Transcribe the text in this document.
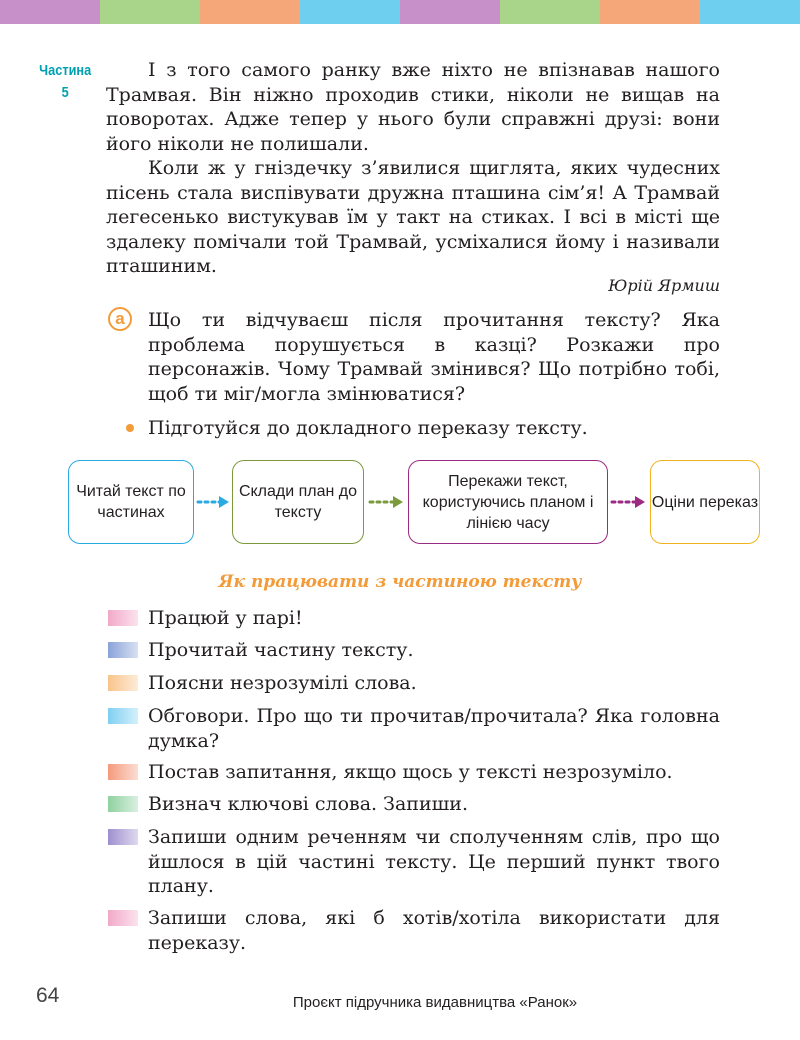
Частина
5

І з того самого ранку вже ніхто не впізнавав нашого Трамвая. Він ніжно проходив стики, ніколи не вищав на поворотах. Адже тепер у нього були справжні друзі: вони його ніколи не полишали.

Коли ж у гніздечку з’явилися щиглята, яких чудесних пісень стала виспівувати дружна пташина сім’я! А Трамвай легесенько вистукував їм у такт на стиках. І всі в місті ще здалеку помічали той Трамвай, усміхалися йому і називали пташиним.

Юрій Ярмиш
a	Що ти відчуваєш після прочитання тексту? Яка проблема порушується в казці? Розкажи про персонажів. Чому Трамвай змінився? Що потрібно тобі, щоб ти міг/могла змінюватися?
Підготуйся до докладного переказу тексту.
Читай текст по частинах
Склади план до тексту
Перекажи текст, користуючись планом і лінією часу
Оціни переказ
Як працювати з частиною тексту
Працюй у парі!
Прочитай частину тексту.
Поясни незрозумілі слова.
Обговори. Про що ти прочитав/прочитала? Яка головна думка?
Постав запитання, якщо щось у тексті незрозуміло.
Визнач ключові слова. Запиши.
Запиши одним реченням чи сполученням слів, про що йшлося в цій частині тексту. Це перший пункт твого плану.
Запиши слова, які б хотів/хотіла використати для переказу.
64	Проєкт підручника видавництва «Ранок»
